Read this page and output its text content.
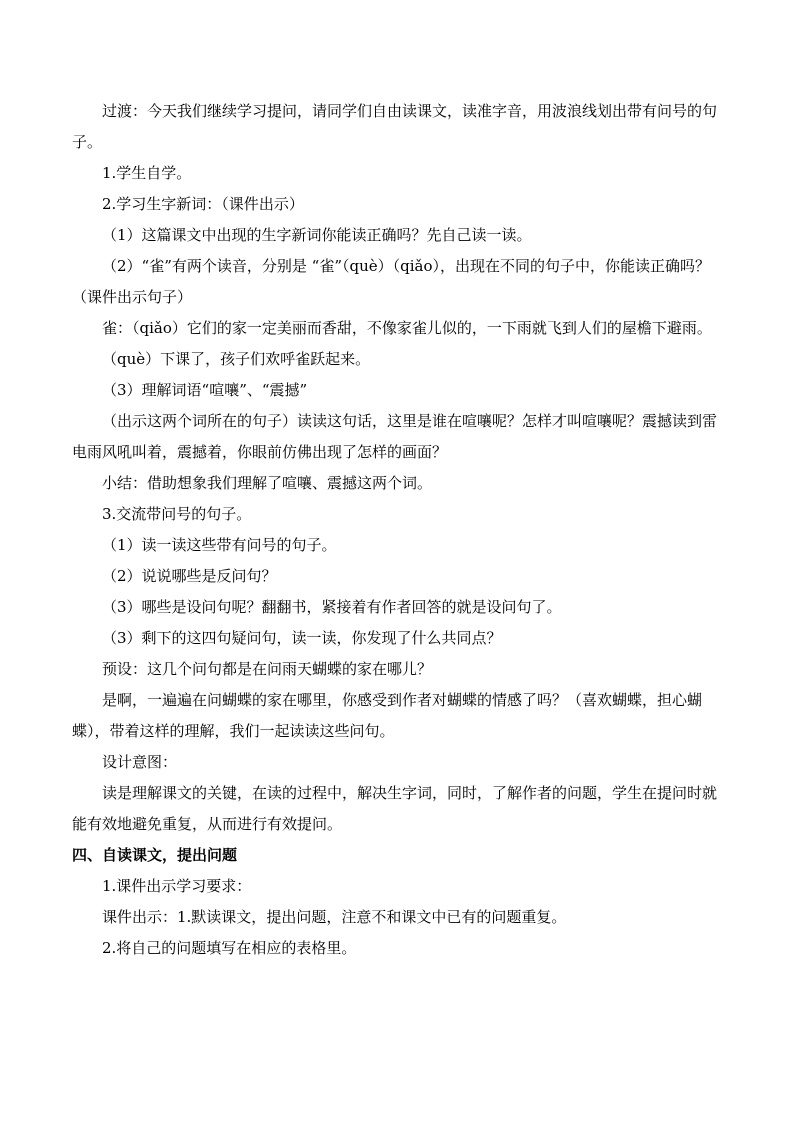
过渡：今天我们继续学习提问，请同学们自由读课文，读准字音，用波浪线划出带有问号的句子。

1.学生自学。

2.学习生字新词：（课件出示）

（1）这篇课文中出现的生字新词你能读正确吗？先自己读一读。

（2）“雀”有两个读音，分别是 “雀”（què）（qiǎo），出现在不同的句子中，你能读正确吗？（课件出示句子）

雀：（qiǎo）它们的家一定美丽而香甜，不像家雀儿似的，一下雨就飞到人们的屋檐下避雨。

（què）下课了，孩子们欢呼雀跃起来。

（3）理解词语“喧嚷”、“震撼”

（出示这两个词所在的句子）读读这句话，这里是谁在喧嚷呢？怎样才叫喧嚷呢？震撼读到雷电雨风吼叫着，震撼着，你眼前仿佛出现了怎样的画面？

小结：借助想象我们理解了喧嚷、震撼这两个词。

3.交流带问号的句子。

（1）读一读这些带有问号的句子。

（2）说说哪些是反问句？

（3）哪些是设问句呢？翻翻书，紧接着有作者回答的就是设问句了。

（3）剩下的这四句疑问句，读一读，你发现了什么共同点？

预设：这几个问句都是在问雨天蝴蝶的家在哪儿？

是啊，一遍遍在问蝴蝶的家在哪里，你感受到作者对蝴蝶的情感了吗？（喜欢蝴蝶，担心蝴蝶），带着这样的理解，我们一起读读这些问句。

设计意图：

读是理解课文的关键，在读的过程中，解决生字词，同时，了解作者的问题，学生在提问时就能有效地避免重复，从而进行有效提问。

四、自读课文，提出问题

1.课件出示学习要求：

课件出示：1.默读课文，提出问题，注意不和课文中已有的问题重复。

2.将自己的问题填写在相应的表格里。
